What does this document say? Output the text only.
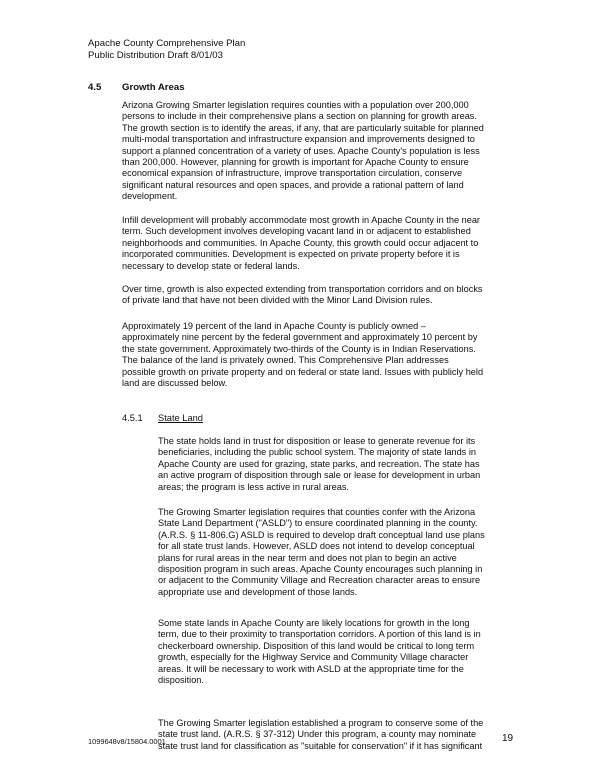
Apache County Comprehensive Plan
Public Distribution Draft 8/01/03
4.5 Growth Areas
Arizona Growing Smarter legislation requires counties with a population over 200,000
persons to include in their comprehensive plans a section on planning for growth areas.
The growth section is to identify the areas, if any, that are particularly suitable for planned
multi-modal transportation and infrastructure expansion and improvements designed to
support a planned concentration of a variety of uses. Apache County's population is less
than 200,000. However, planning for growth is important for Apache County to ensure
economical expansion of infrastructure, improve transportation circulation, conserve
significant natural resources and open spaces, and provide a rational pattern of land
development.
Infill development will probably accommodate most growth in Apache County in the near
term. Such development involves developing vacant land in or adjacent to established
neighborhoods and communities. In Apache County, this growth could occur adjacent to
incorporated communities. Development is expected on private property before it is
necessary to develop state or federal lands.
Over time, growth is also expected extending from transportation corridors and on blocks
of private land that have not been divided with the Minor Land Division rules.
Approximately 19 percent of the land in Apache County is publicly owned –
approximately nine percent by the federal government and approximately 10 percent by
the state government. Approximately two-thirds of the County is in Indian Reservations.
The balance of the land is privately owned. This Comprehensive Plan addresses
possible growth on private property and on federal or state land. Issues with publicly held
land are discussed below.
4.5.1 State Land
The state holds land in trust for disposition or lease to generate revenue for its
beneficiaries, including the public school system. The majority of state lands in
Apache County are used for grazing, state parks, and recreation. The state has
an active program of disposition through sale or lease for development in urban
areas; the program is less active in rural areas.
The Growing Smarter legislation requires that counties confer with the Arizona
State Land Department ("ASLD") to ensure coordinated planning in the county.
(A.R.S. § 11-806.G) ASLD is required to develop draft conceptual land use plans
for all state trust lands. However, ASLD does not intend to develop conceptual
plans for rural areas in the near term and does not plan to begin an active
disposition program in such areas. Apache County encourages such planning in
or adjacent to the Community Village and Recreation character areas to ensure
appropriate use and development of those lands.
Some state lands in Apache County are likely locations for growth in the long
term, due to their proximity to transportation corridors. A portion of this land is in
checkerboard ownership. Disposition of this land would be critical to long term
growth, especially for the Highway Service and Community Village character
areas. It will be necessary to work with ASLD at the appropriate time for the
disposition.
The Growing Smarter legislation established a program to conserve some of the
state trust land. (A.R.S. § 37-312) Under this program, a county may nominate
state trust land for classification as "suitable for conservation" if it has significant
1099648v8/15804.0001	19
